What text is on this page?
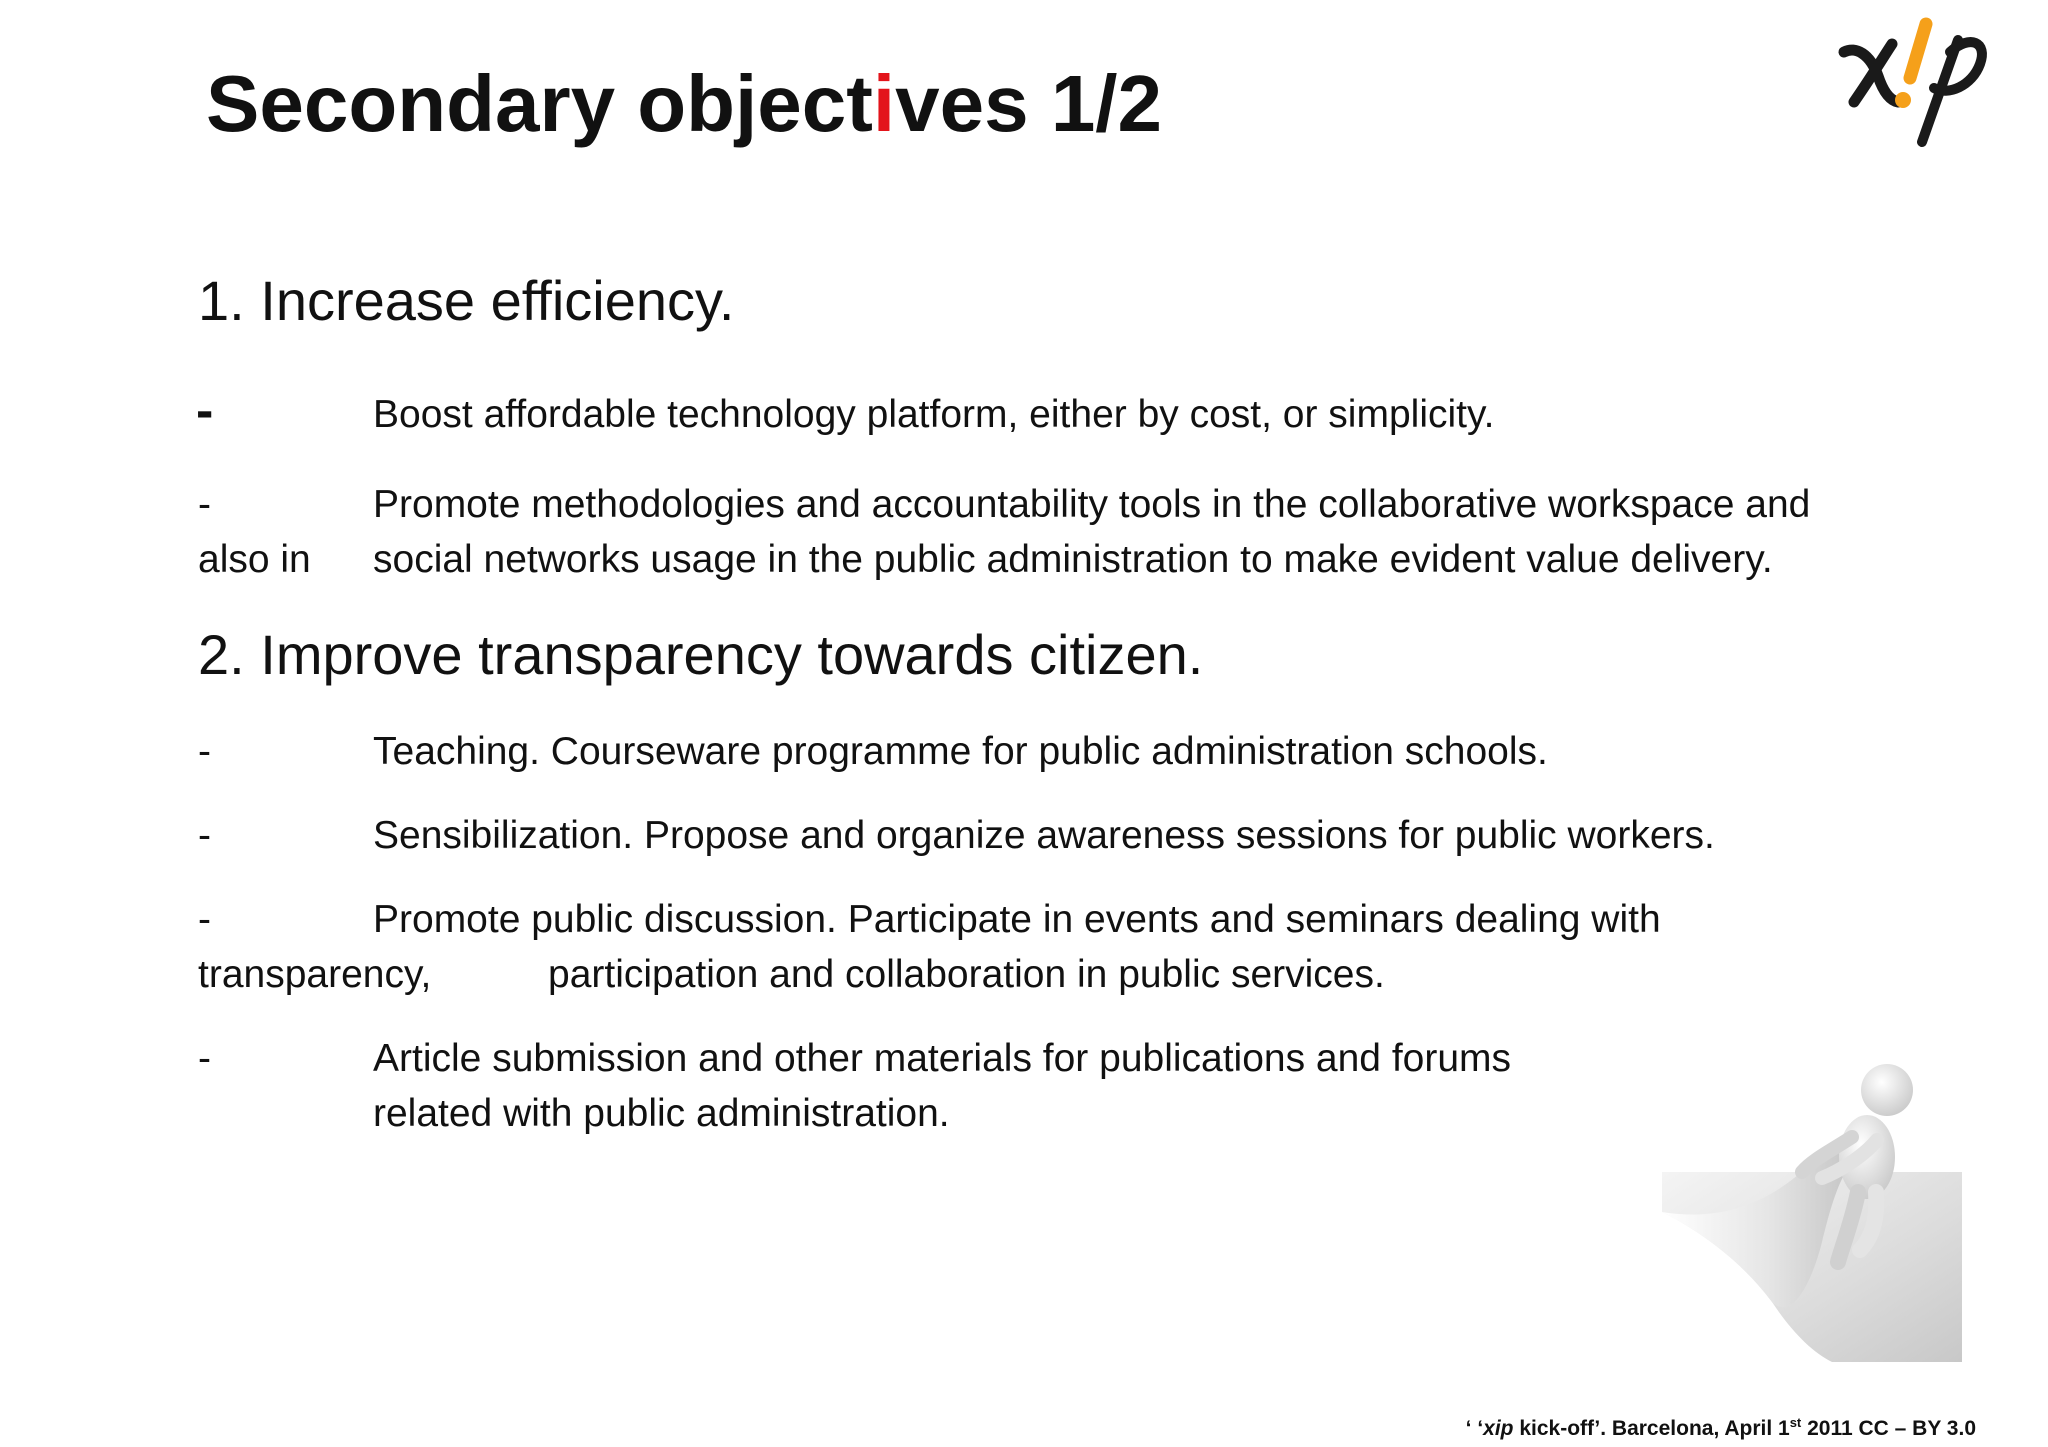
Secondary objectives 1/2
1. Increase efficiency.
-	Boost affordable technology platform, either by cost, or simplicity.
-	Promote methodologies and accountability tools in the collaborative workspace and
also in social networks usage in the public administration to make evident value delivery.
2. Improve transparency towards citizen.
-	Teaching. Courseware programme for public administration schools.
-	Sensibilization. Propose and organize awareness sessions for public workers.
-	Promote public discussion. Participate in events and seminars dealing with
transparency,	participation and collaboration in public services.
-	Article submission and other materials for publications and forums
related with public administration.
‘ ‘xip kick-off’. Barcelona, April 1st 2011 CC – BY 3.0
